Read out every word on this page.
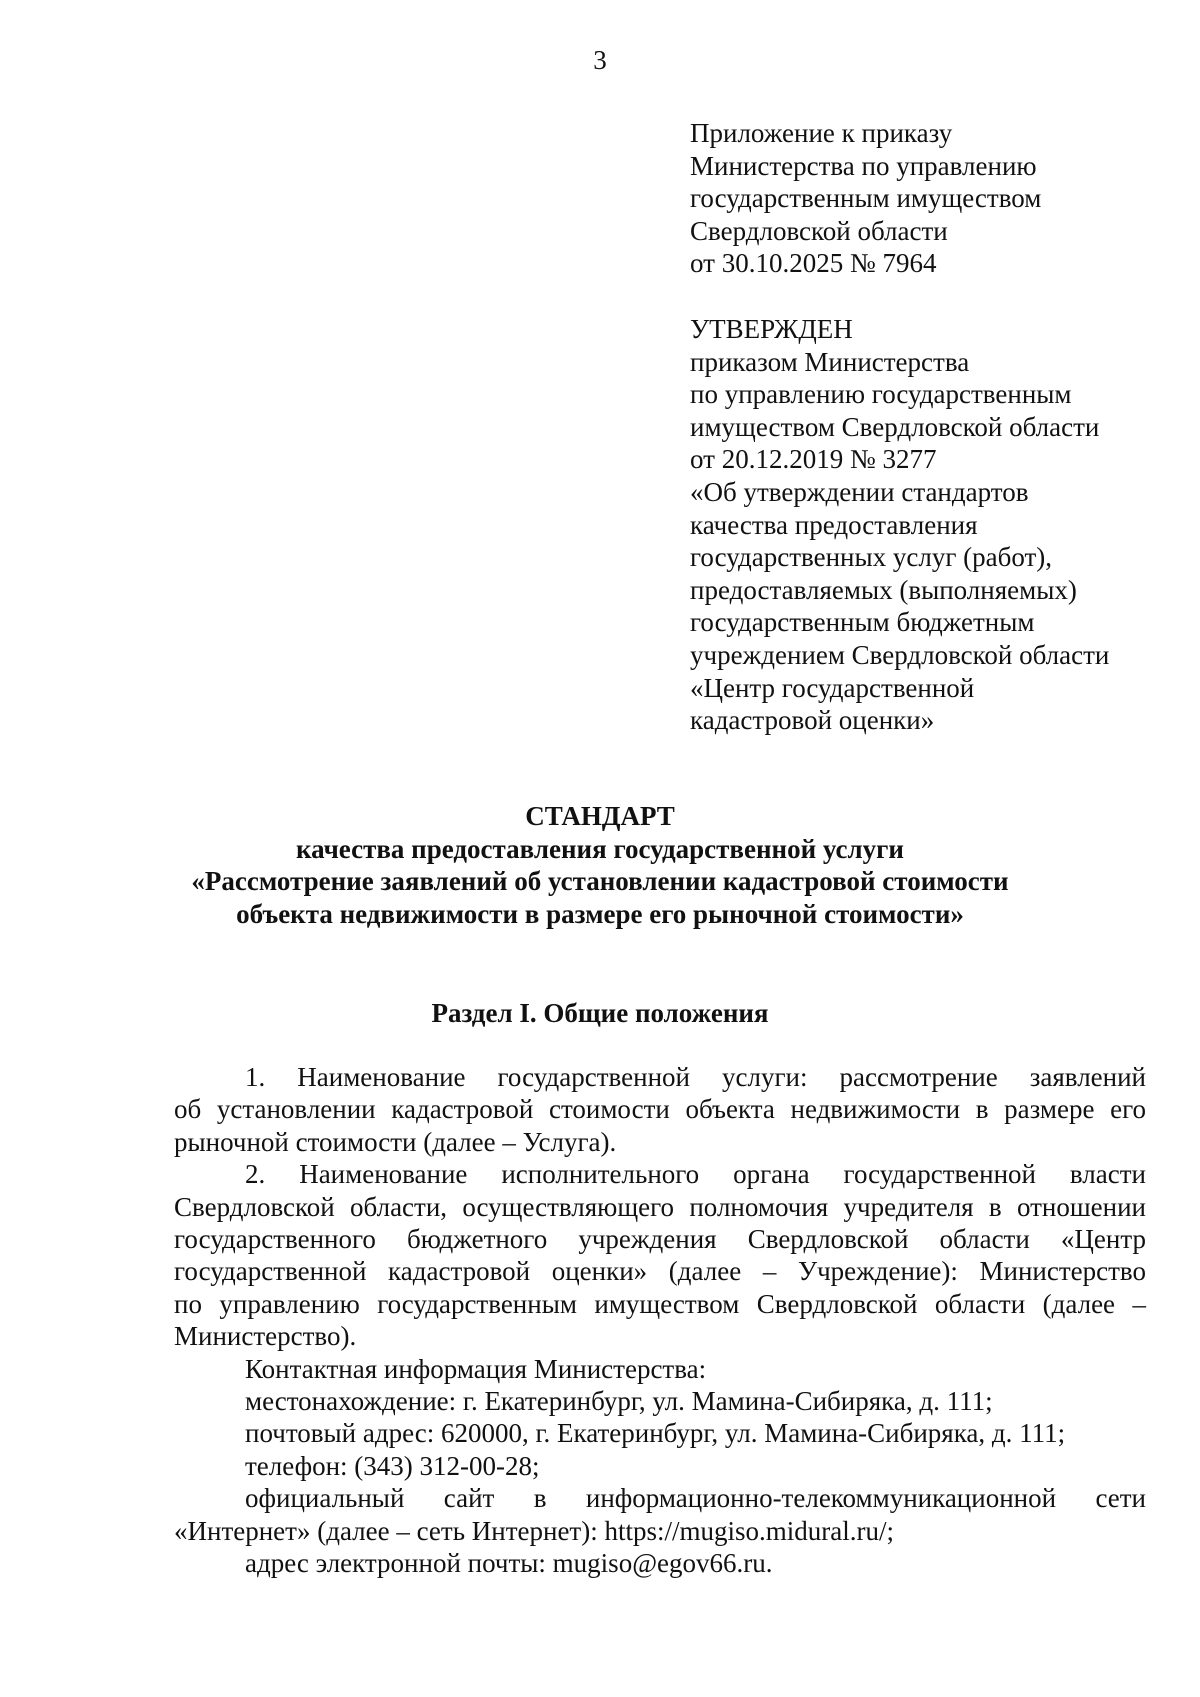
3
Приложение к приказу
Министерства по управлению
государственным имуществом
Свердловской области
от 30.10.2025 № 7964
УТВЕРЖДЕН
приказом Министерства
по управлению государственным
имуществом Свердловской области
от 20.12.2019 № 3277
«Об утверждении стандартов
качества предоставления
государственных услуг (работ),
предоставляемых (выполняемых)
государственным бюджетным
учреждением Свердловской области
«Центр государственной
кадастровой оценки»
СТАНДАРТ
качества предоставления государственной услуги
«Рассмотрение заявлений об установлении кадастровой стоимости
объекта недвижимости в размере его рыночной стоимости»
Раздел I. Общие положения
1. Наименование государственной услуги: рассмотрение заявлений
об установлении кадастровой стоимости объекта недвижимости в размере его
рыночной стоимости (далее – Услуга).
2. Наименование исполнительного органа государственной власти
Свердловской области, осуществляющего полномочия учредителя в отношении
государственного бюджетного учреждения Свердловской области «Центр
государственной кадастровой оценки» (далее – Учреждение): Министерство
по управлению государственным имуществом Свердловской области (далее –
Министерство).
Контактная информация Министерства:
местонахождение: г. Екатеринбург, ул. Мамина-Сибиряка, д. 111;
почтовый адрес: 620000, г. Екатеринбург, ул. Мамина-Сибиряка, д. 111;
телефон: (343) 312-00-28;
официальный сайт в информационно-телекоммуникационной сети
«Интернет» (далее – сеть Интернет): https://mugiso.midural.ru/;
адрес электронной почты: mugiso@egov66.ru.
